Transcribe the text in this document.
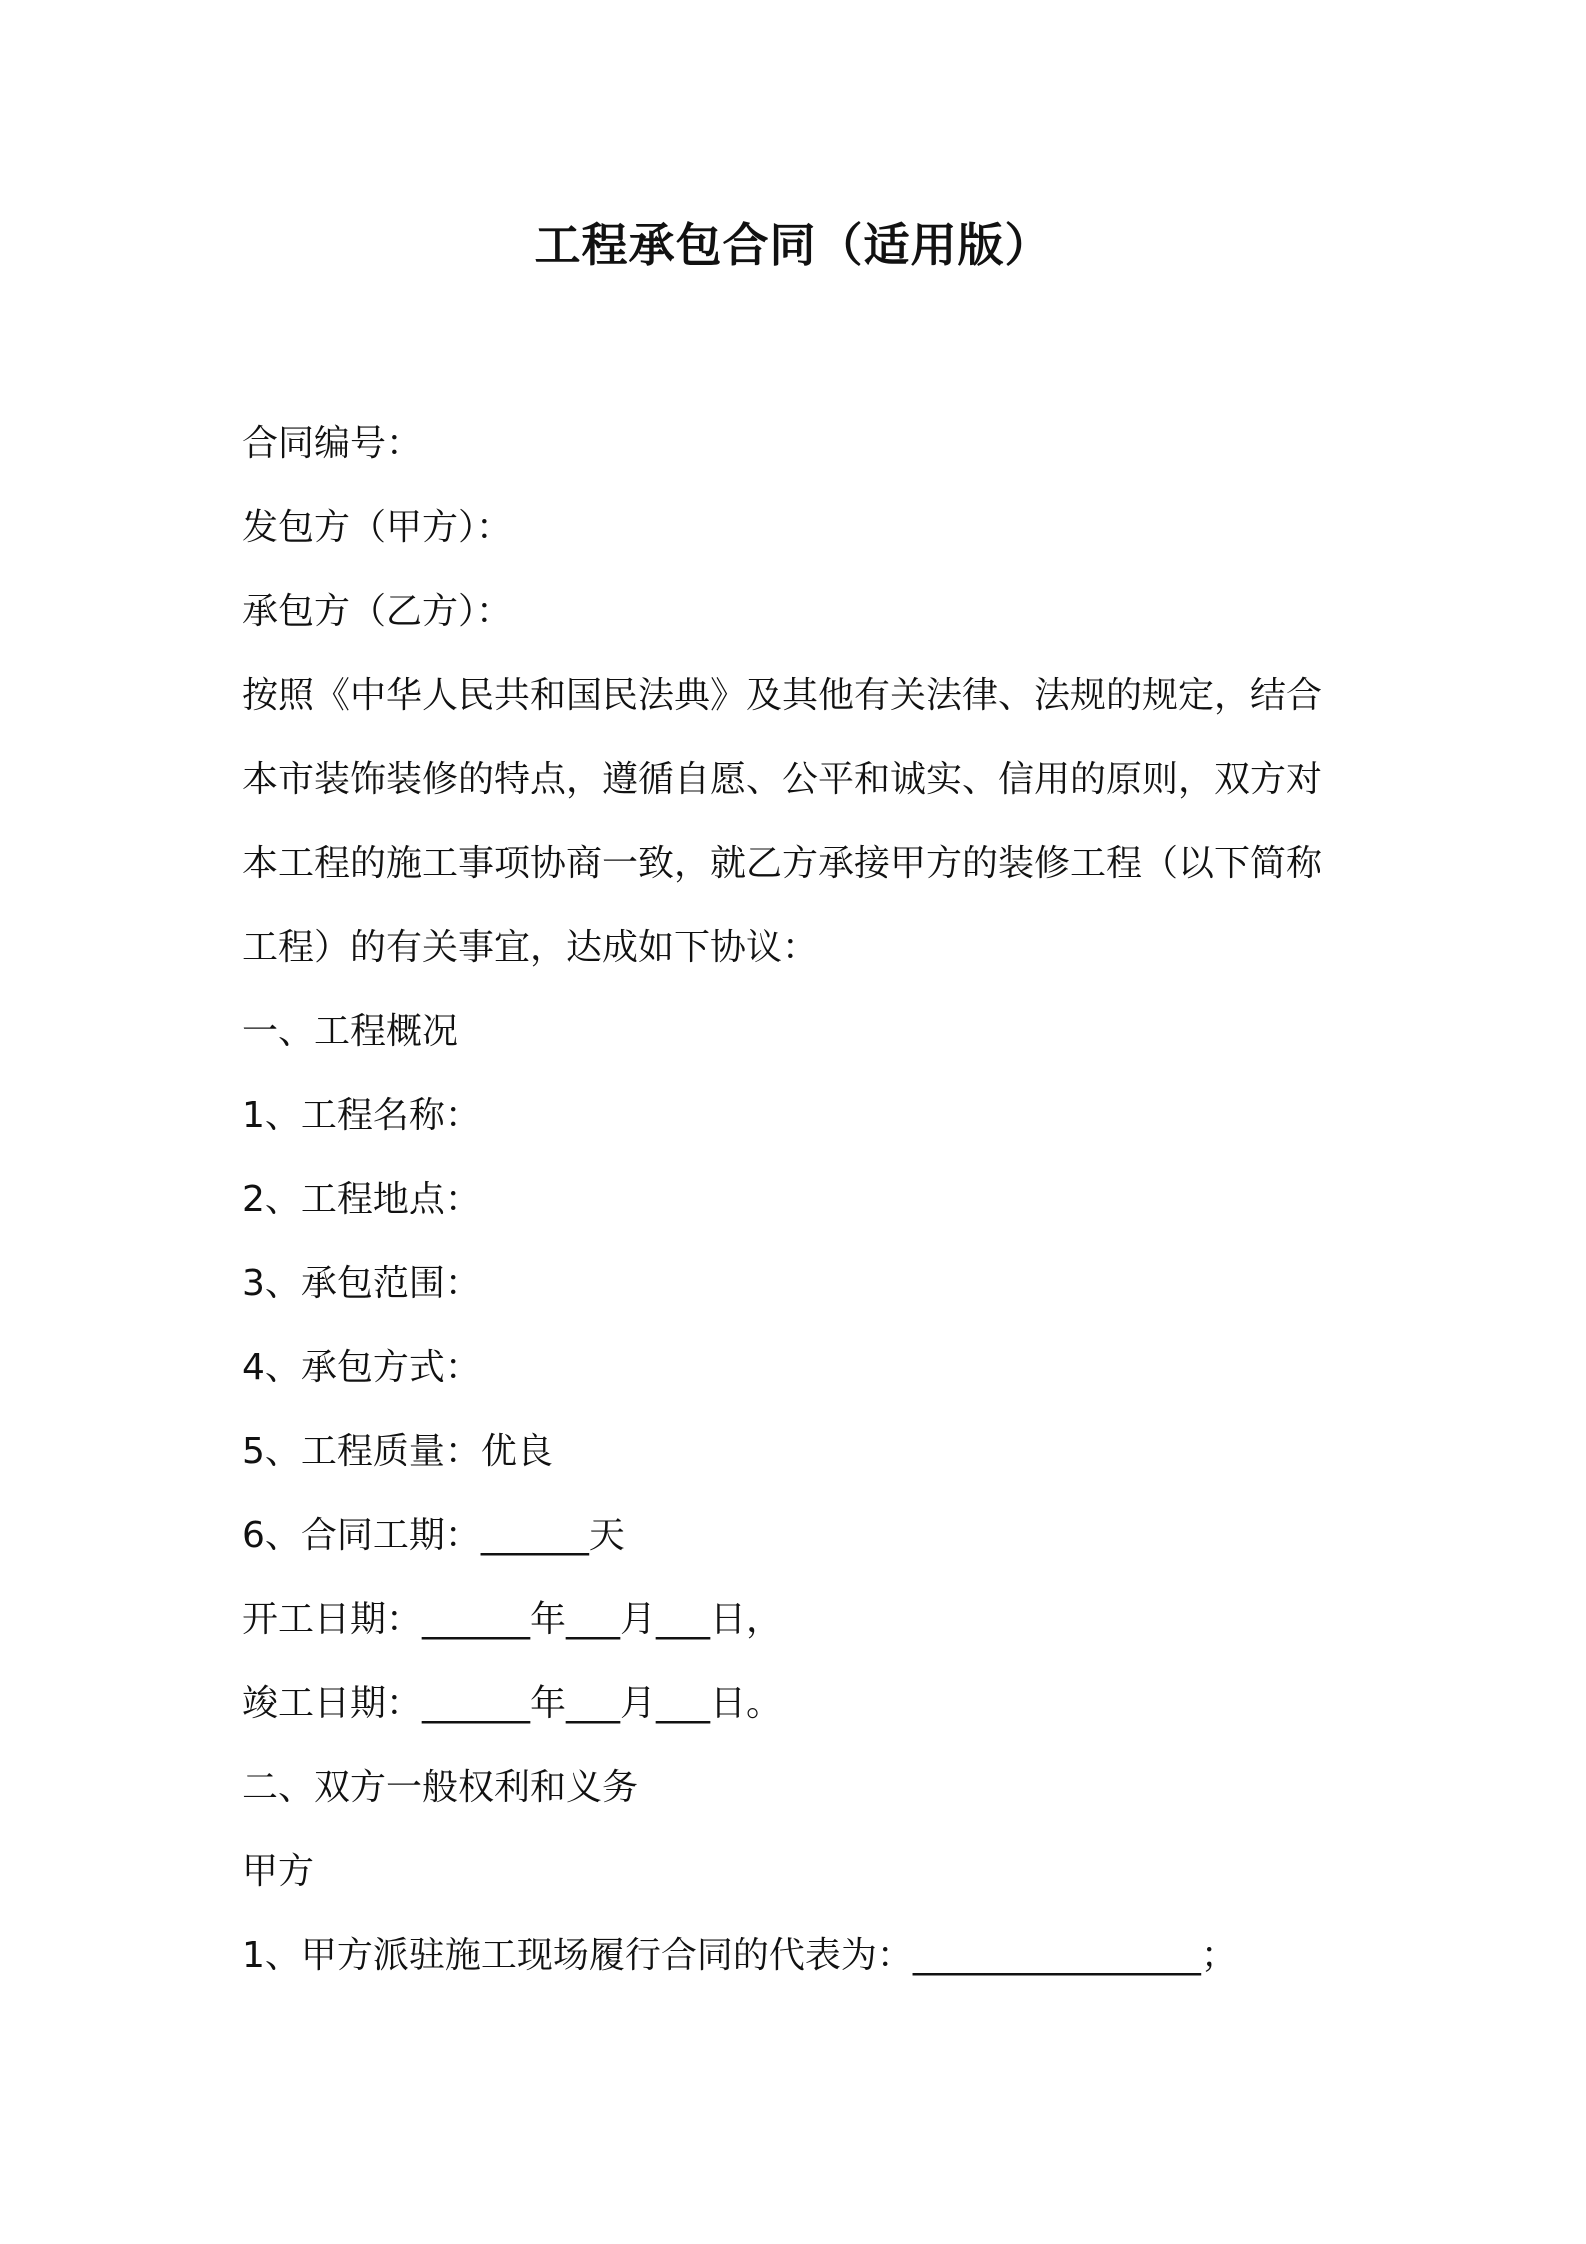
工程承包合同（适用版）
合同编号：
发包方（甲方）：
承包方（乙方）：
按照《中华人民共和国民法典》及其他有关法律、法规的规定，结合
本市装饰装修的特点，遵循自愿、公平和诚实、信用的原则，双方对
本工程的施工事项协商一致，就乙方承接甲方的装修工程（以下简称
工程）的有关事宜，达成如下协议：
一、工程概况
1、工程名称：
2、工程地点：
3、承包范围：
4、承包方式：
5、工程质量：优良
6、合同工期：______天
开工日期：______年___月___日，
竣工日期：______年___月___日。
二、双方一般权利和义务
甲方
1、甲方派驻施工现场履行合同的代表为：________________；
